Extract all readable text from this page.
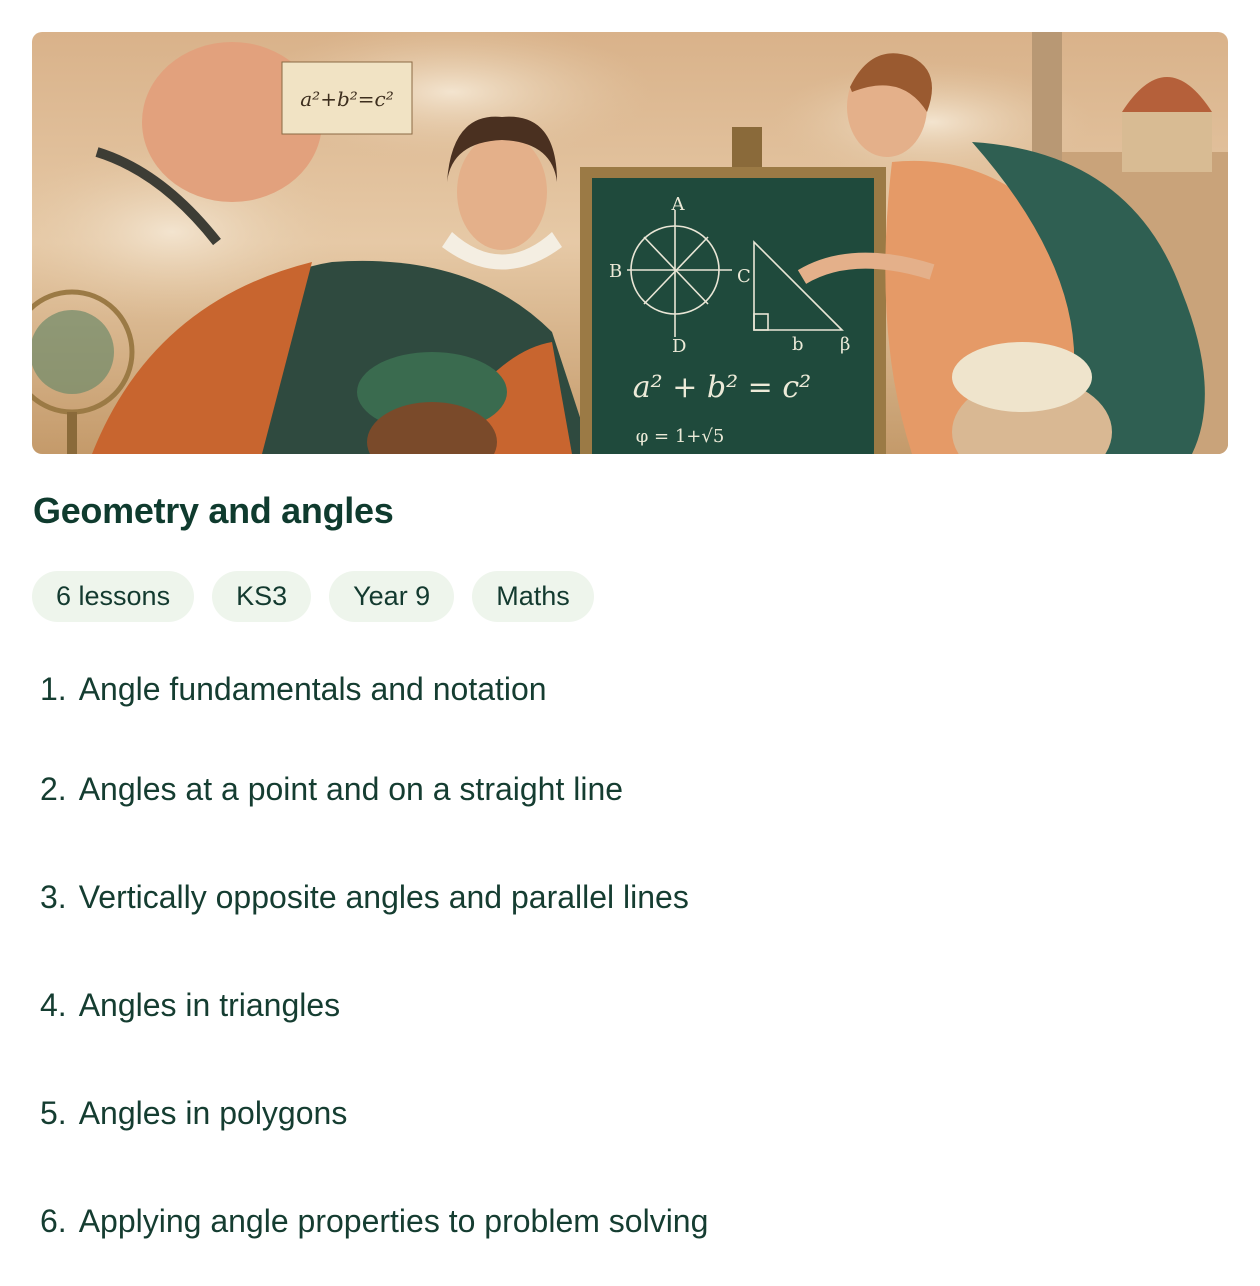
a²+b²=c²
A
B	C
D	b β
a² + b² = c²
φ = 1+√5
Geometry and angles
6 lessons	KS3	Year 9	Maths
1. Angle fundamentals and notation
2. Angles at a point and on a straight line
3. Vertically opposite angles and parallel lines
4. Angles in triangles
5. Angles in polygons
6. Applying angle properties to problem solving
